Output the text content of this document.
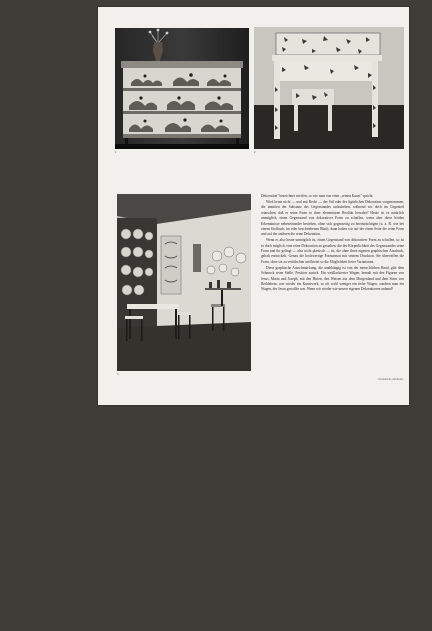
1	2
3

Dekoration" bezeichnet wird/en, so wie man von einer „reinen Kunst" spricht.

Wird heute nicht — und mit Recht — der Stil oder der figürlichen Dekoration vorgenommen, die inmitten der Substanz des Gegenstandes aufzuheben, während wir doch im Gegenteil wünschen, daß er seine Form in ihrer elementaren Realität bewahrt? Heute ist es natürlich unmöglich, einen Gegenstand von dekorativer Form zu schaffen, wenn aber diese beiden Erkenntnisse nebeneinander bestehen, ohne sich gegenseitig zu beeinträchtigen (u. a. B. wie bei einem Stofftuch, im oder beschriebenen Blatt), dann haben wir auf der einen Seite die reine Form und auf der anderen die reine Dekoration.

Wenn es also heute unmöglich ist, einen Gegenstand von dekorativer Form zu schaffen, so ist es doch möglich, eine reine Dekoration zu gestalten, die der Körperlichkeit des Gegenstandes seine Form und ihr gelingt — also nicht plastisch — ist, die ohne ihren eigenen graphischen Ausdruck, gehalt entwickelt. Genau die hochwertige Formarmut mit seinem Druckton. Sie übertreffen die Form, ohne sie zu verfälschen und bietet so die Möglichkeit freier Variationen.

Diese graphische Ausschmückung, die unabhängig ist von der menschlichen Hand, gibt dem Schmuck seine Stelle, Position zurück. Ein weißlackierter Wagen, bemalt mit den Figuren von Jesus, Maria und Joseph, mit den Hirten, den Weisen aus dem Morgenland und dem Stern von Bethlehem, war wieder ein Kunstwerk, so oft wohl weniger ein tiefer Wagen, sondern man ein Wagen, der Jesus gewollte war. Wenn wir wieder wie unsere eigenen Dekorationen anhand?

Ornamente und Kunst
